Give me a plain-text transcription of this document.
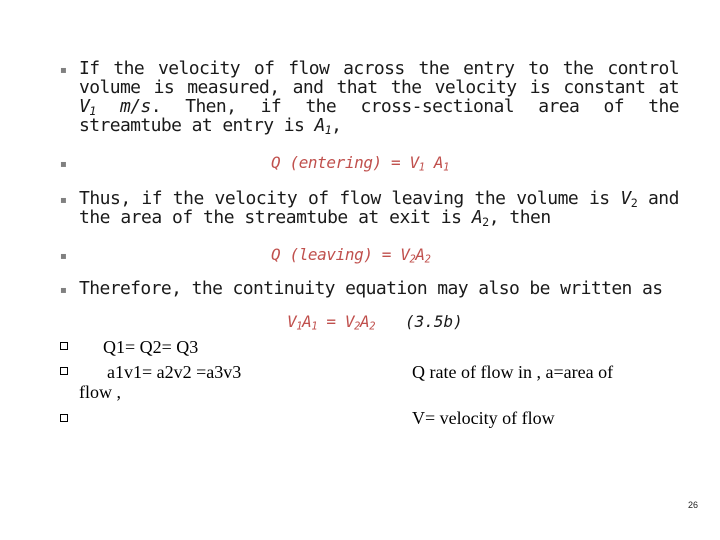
▪ If the velocity of flow across the entry to the control volume is measured, and that the velocity is constant at $V_1$ m/s. Then, if the cross-sectional area of the streamtube at entry is $A_1$,
▪	Q (entering) = $V_1$ $A_1$
▪ Thus, if the velocity of flow leaving the volume is $V_2$ and the area of the streamtube at exit is $A_2$, then
▪	Q (leaving) = $V_2A_2$
▪ Therefore, the continuity equation may also be written as
$V_1A_1 = V_2A_2$ (3.5b)
Q1= Q2= Q3
a1v1= a2v2 =a3v3	Q rate of flow in , a=area of
flow ,
V= velocity of flow
26
